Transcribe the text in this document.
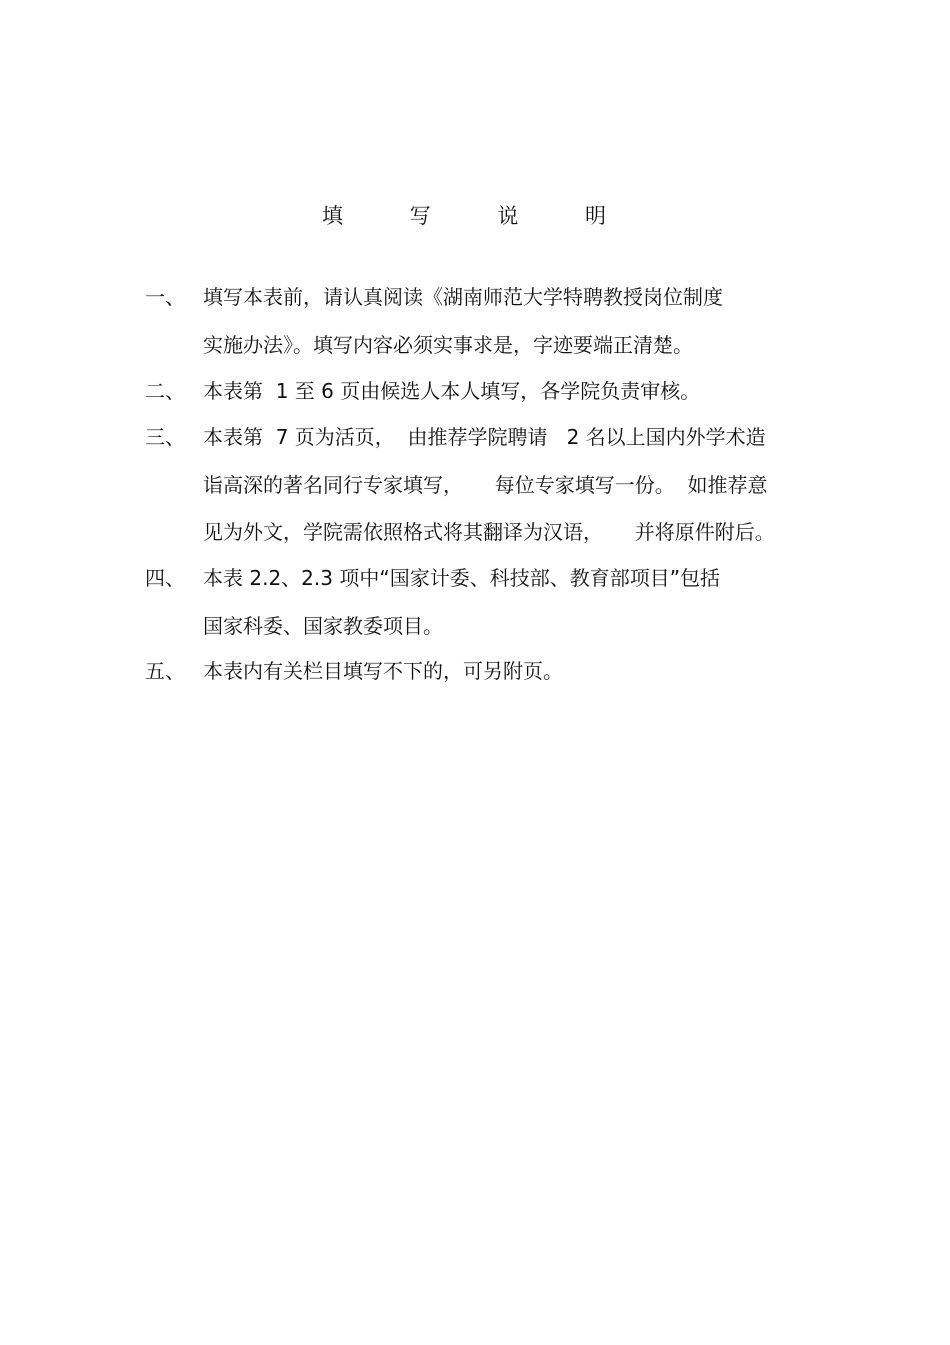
填 写 说 明
一、 填写本表前，请认真阅读《湖南师范大学特聘教授岗位制度
实施办法》。填写内容必须实事求是，字迹要端正清楚。
二、 本表第  1 至 6 页由候选人本人填写，各学院负责审核。
三、 本表第  7 页为活页，  由推荐学院聘请   2 名以上国内外学术造
诣高深的著名同行专家填写，     每位专家填写一份。  如推荐意
见为外文，学院需依照格式将其翻译为汉语，     并将原件附后。
四、 本表 2.2、2.3 项中“国家计委、科技部、教育部项目”包括
国家科委、国家教委项目。
五、 本表内有关栏目填写不下的，可另附页。
